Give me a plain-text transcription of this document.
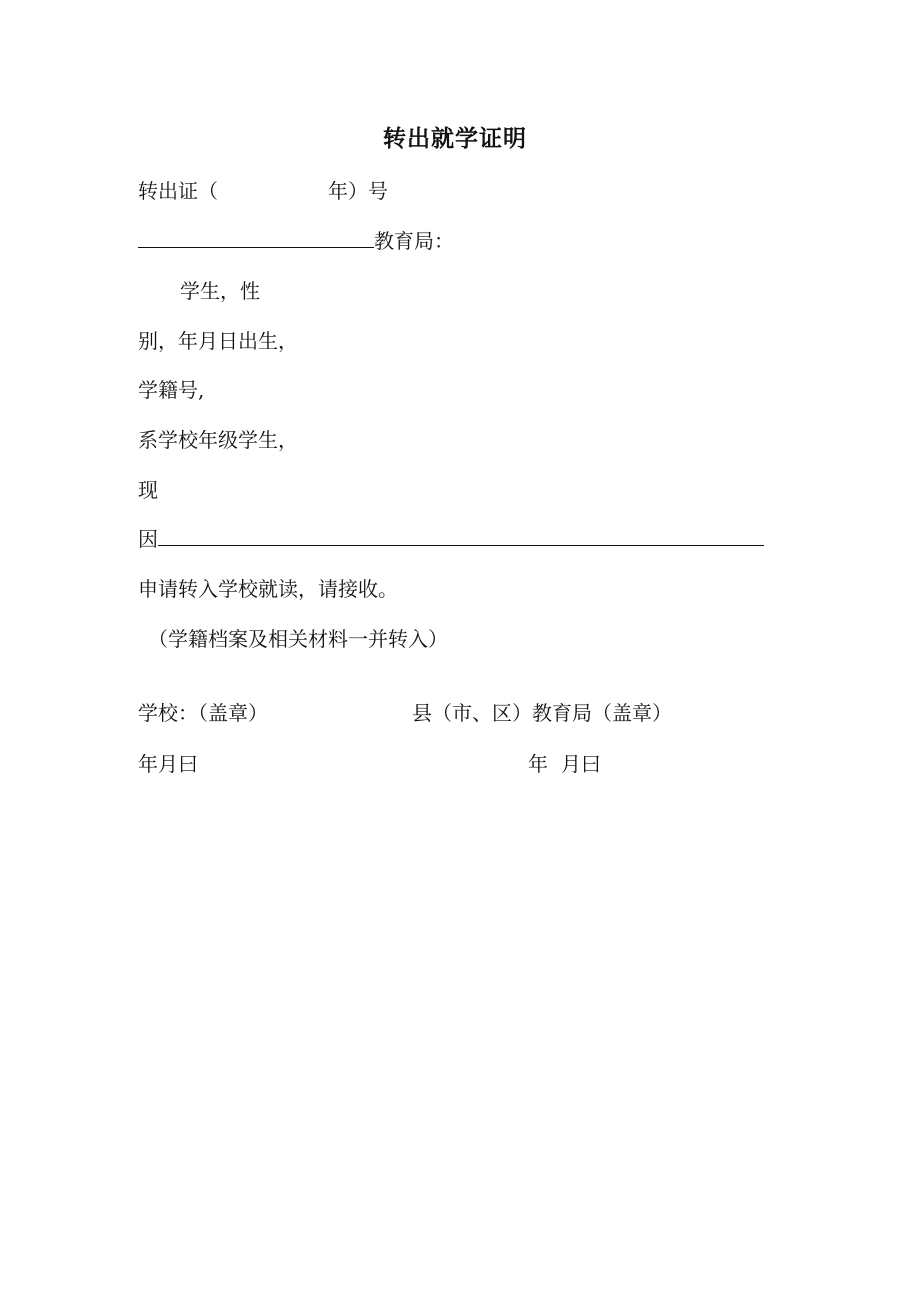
转出就学证明
转出证（	年）号
教育局：
学生，性
别，年月日出生，
学籍号,
系学校年级学生，
现
因
申请转入学校就读，请接收。
（学籍档案及相关材料一并转入）
学校：（盖章）	县（市、区）教育局（盖章）
年月曰	年 月曰
